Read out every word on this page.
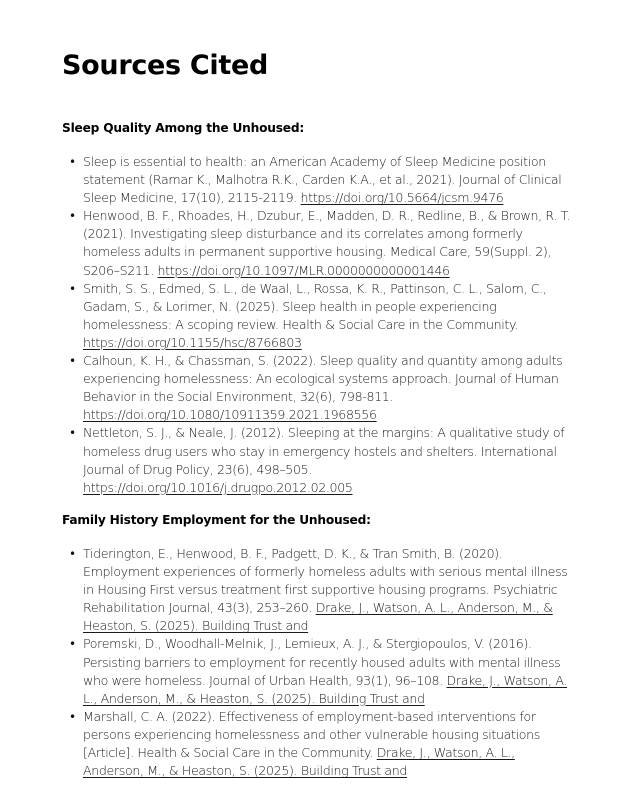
Sources Cited
Sleep Quality Among the Unhoused:
• Sleep is essential to health: an American Academy of Sleep Medicine position
statement (Ramar K., Malhotra R.K., Carden K.A., et al., 2021). Journal of Clinical
Sleep Medicine, 17(10), 2115-2119. https://doi.org/10.5664/jcsm.9476
• Henwood, B. F., Rhoades, H., Dzubur, E., Madden, D. R., Redline, B., & Brown, R. T.
(2021). Investigating sleep disturbance and its correlates among formerly
homeless adults in permanent supportive housing. Medical Care, 59(Suppl. 2),
S206–S211. https://doi.org/10.1097/MLR.0000000000001446
• Smith, S. S., Edmed, S. L., de Waal, L., Rossa, K. R., Pattinson, C. L., Salom, C.,
Gadam, S., & Lorimer, N. (2025). Sleep health in people experiencing
homelessness: A scoping review. Health & Social Care in the Community.
https://doi.org/10.1155/hsc/8766803
• Calhoun, K. H., & Chassman, S. (2022). Sleep quality and quantity among adults
experiencing homelessness: An ecological systems approach. Journal of Human
Behavior in the Social Environment, 32(6), 798-811.
https://doi.org/10.1080/10911359.2021.1968556
• Nettleton, S. J., & Neale, J. (2012). Sleeping at the margins: A qualitative study of
homeless drug users who stay in emergency hostels and shelters. International
Journal of Drug Policy, 23(6), 498–505.
https://doi.org/10.1016/j.drugpo.2012.02.005
Family History Employment for the Unhoused:
• Tiderington, E., Henwood, B. F., Padgett, D. K., & Tran Smith, B. (2020).
Employment experiences of formerly homeless adults with serious mental illness
in Housing First versus treatment first supportive housing programs. Psychiatric
Rehabilitation Journal, 43(3), 253–260. Drake, J., Watson, A. L., Anderson, M., &
Heaston, S. (2025). Building Trust and
• Poremski, D., Woodhall-Melnik, J., Lemieux, A. J., & Stergiopoulos, V. (2016).
Persisting barriers to employment for recently housed adults with mental illness
who were homeless. Journal of Urban Health, 93(1), 96–108. Drake, J., Watson, A.
L., Anderson, M., & Heaston, S. (2025). Building Trust and
• Marshall, C. A. (2022). Effectiveness of employment-based interventions for
persons experiencing homelessness and other vulnerable housing situations
[Article]. Health & Social Care in the Community. Drake, J., Watson, A. L.,
Anderson, M., & Heaston, S. (2025). Building Trust and
